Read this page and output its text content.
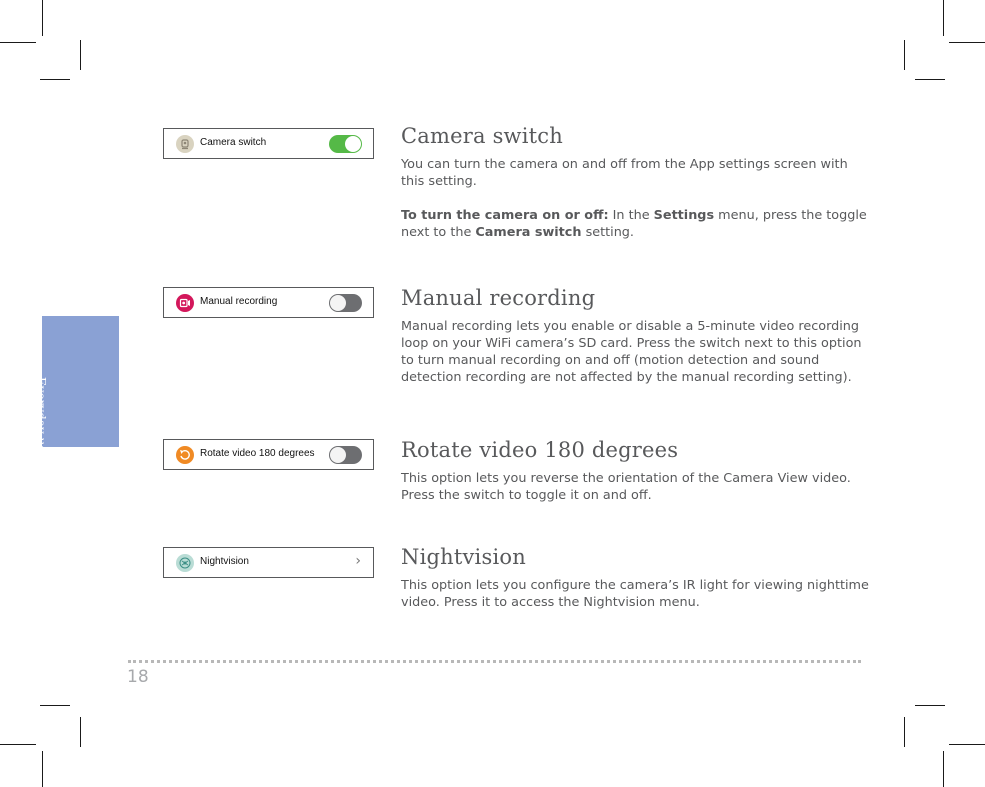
Everyday use
Camera switch
Manual recording
Rotate video 180 degrees
Nightvision	›
Camera switch

You can turn the camera on and off from the App settings screen with this setting.

To turn the camera on or off: In the Settings menu, press the toggle next to the Camera switch setting.

Manual recording

Manual recording lets you enable or disable a 5-minute video recording loop on your WiFi camera’s SD card. Press the switch next to this option to turn manual recording on and off (motion detection and sound detection recording are not affected by the manual recording setting).

Rotate video 180 degrees

This option lets you reverse the orientation of the Camera View video. Press the switch to toggle it on and off.

Nightvision

This option lets you configure the camera’s IR light for viewing nighttime video. Press it to access the Nightvision menu.

18
